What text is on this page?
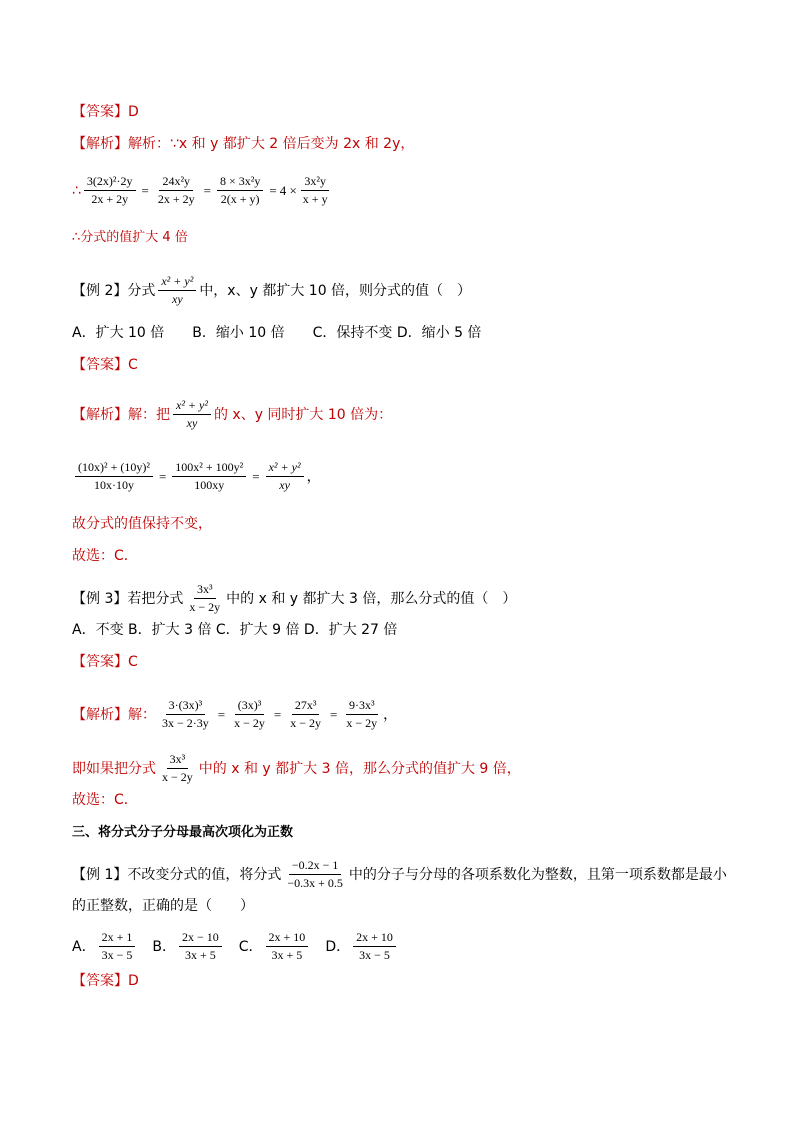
【答案】 D
【解析】 解析：∵x 和 y 都扩大 2 倍后变为 2x 和 2y，
∴ $\frac{\text{3(2x)²·2y}}{2x + 2y} = \frac{\text{24x²y}}{2x + 2y} = \frac{\text{8 × 3x²y}}{2(x + y)} = 4 \times \frac{\text{3x²y}}{x + y}$
∴分式的值扩大 4 倍
【例 2】 分式 $\frac{\text{x² + y²}}{xy}$ 中，x、y 都扩大 10 倍，则分式的值（　）
A．扩大 10 倍　　B．缩小 10 倍　　C．保持不变 D．缩小 5 倍
【答案】 C
【解析】 解：把 $\frac{\text{x² + y²}}{xy}$ 的 x、y 同时扩大 10 倍为：
$\frac{\text{(10x)² + (10y)²}}{10x\cdot 10y} = \frac{\text{100x² + 100y²}}{100xy} = \frac{\text{x² + y²}}{xy}$ ，
故分式的值保持不变，
故选：C．
【例 3】 若把分式 $\frac{\text{3x³}}{x - 2y}$ 中的 x 和 y 都扩大 3 倍，那么分式的值（　）
A．不变 B．扩大 3 倍 C．扩大 9 倍 D．扩大 27 倍
【答案】 C
【解析】 解： $\frac{\text{3·(3x)³}}{3x - 2\cdot 3y} = \frac{\text{(3x)³}}{x - 2y} = \frac{\text{27x³}}{x - 2y} = \frac{\text{9·3x³}}{x - 2y}$ ，
即如果把分式 $\frac{\text{3x³}}{x - 2y}$ 中的 x 和 y 都扩大 3 倍，那么分式的值扩大 9 倍，
故选：C．
三、将分式分子分母最高次项化为正数
【例 1】 不改变分式的值，将分式 $\frac{-0.2x - 1}{-0.3x + 0.5}$ 中的分子与分母的各项系数化为整数，且第一项系数都是最小
的正整数，正确的是（　　）
A． $\frac{2x + 1}{3x - 5}$ B． $\frac{2x - 10}{3x + 5}$ C． $\frac{2x + 10}{3x + 5}$ D． $\frac{2x + 10}{3x - 5}$
【答案】 D
